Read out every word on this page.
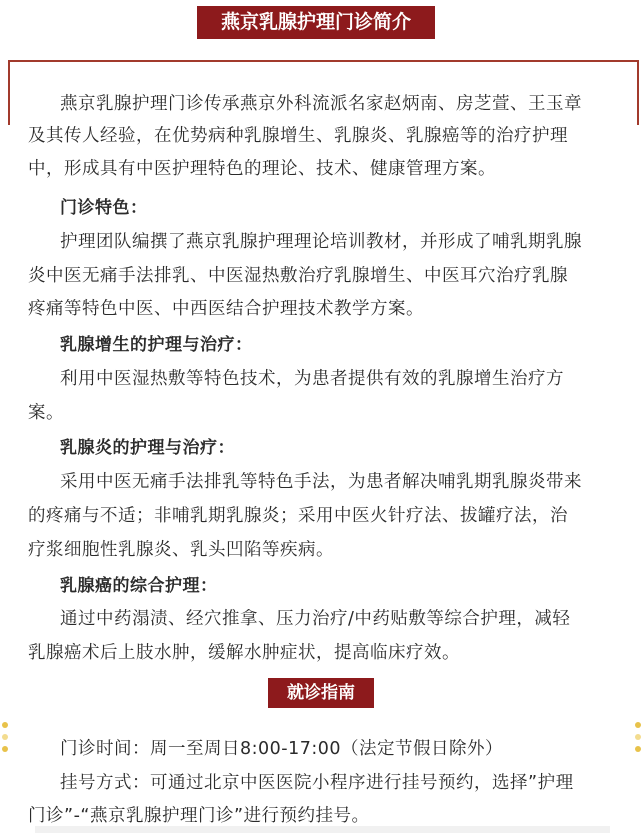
燕京乳腺护理门诊简介
燕京乳腺护理门诊传承燕京外科流派名家赵炳南、房芝萱、王玉章
及其传人经验，在优势病种乳腺增生、乳腺炎、乳腺癌等的治疗护理
中，形成具有中医护理特色的理论、技术、健康管理方案。
门诊特色：
护理团队编撰了燕京乳腺护理理论培训教材，并形成了哺乳期乳腺
炎中医无痛手法排乳、中医湿热敷治疗乳腺增生、中医耳穴治疗乳腺
疼痛等特色中医、中西医结合护理技术教学方案。
乳腺增生的护理与治疗：
利用中医湿热敷等特色技术，为患者提供有效的乳腺增生治疗方
案。
乳腺炎的护理与治疗：
采用中医无痛手法排乳等特色手法，为患者解决哺乳期乳腺炎带来
的疼痛与不适；非哺乳期乳腺炎；采用中医火针疗法、拔罐疗法，治
疗浆细胞性乳腺炎、乳头凹陷等疾病。
乳腺癌的综合护理：
通过中药溻渍、经穴推拿、压力治疗/中药贴敷等综合护理，减轻
乳腺癌术后上肢水肿，缓解水肿症状，提高临床疗效。
就诊指南
门诊时间：周一至周日8:00-17:00（法定节假日除外）
挂号方式：可通过北京中医医院小程序进行挂号预约，选择”护理
门诊”-“燕京乳腺护理门诊”进行预约挂号。
